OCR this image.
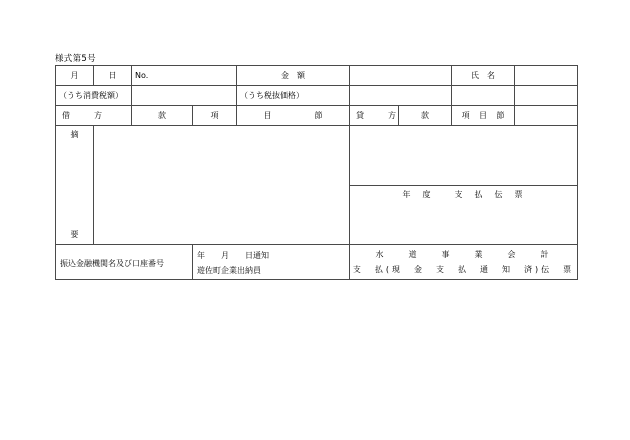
様式第5号
月	日	No.	金　額		氏　名

（うち消費税額）		（うち税抜価格）

借　　　方	款	項	目	節	貸　　　方	款	項 目 節

摘
要

年　度	支　払　伝　票

振込金融機関名及び口座番号

年　　月　　日通知
遊佐町企業出納員

水　　道　　事　　業　　会　　計
支　払(現　金　支　払　通　知　済)伝　票
